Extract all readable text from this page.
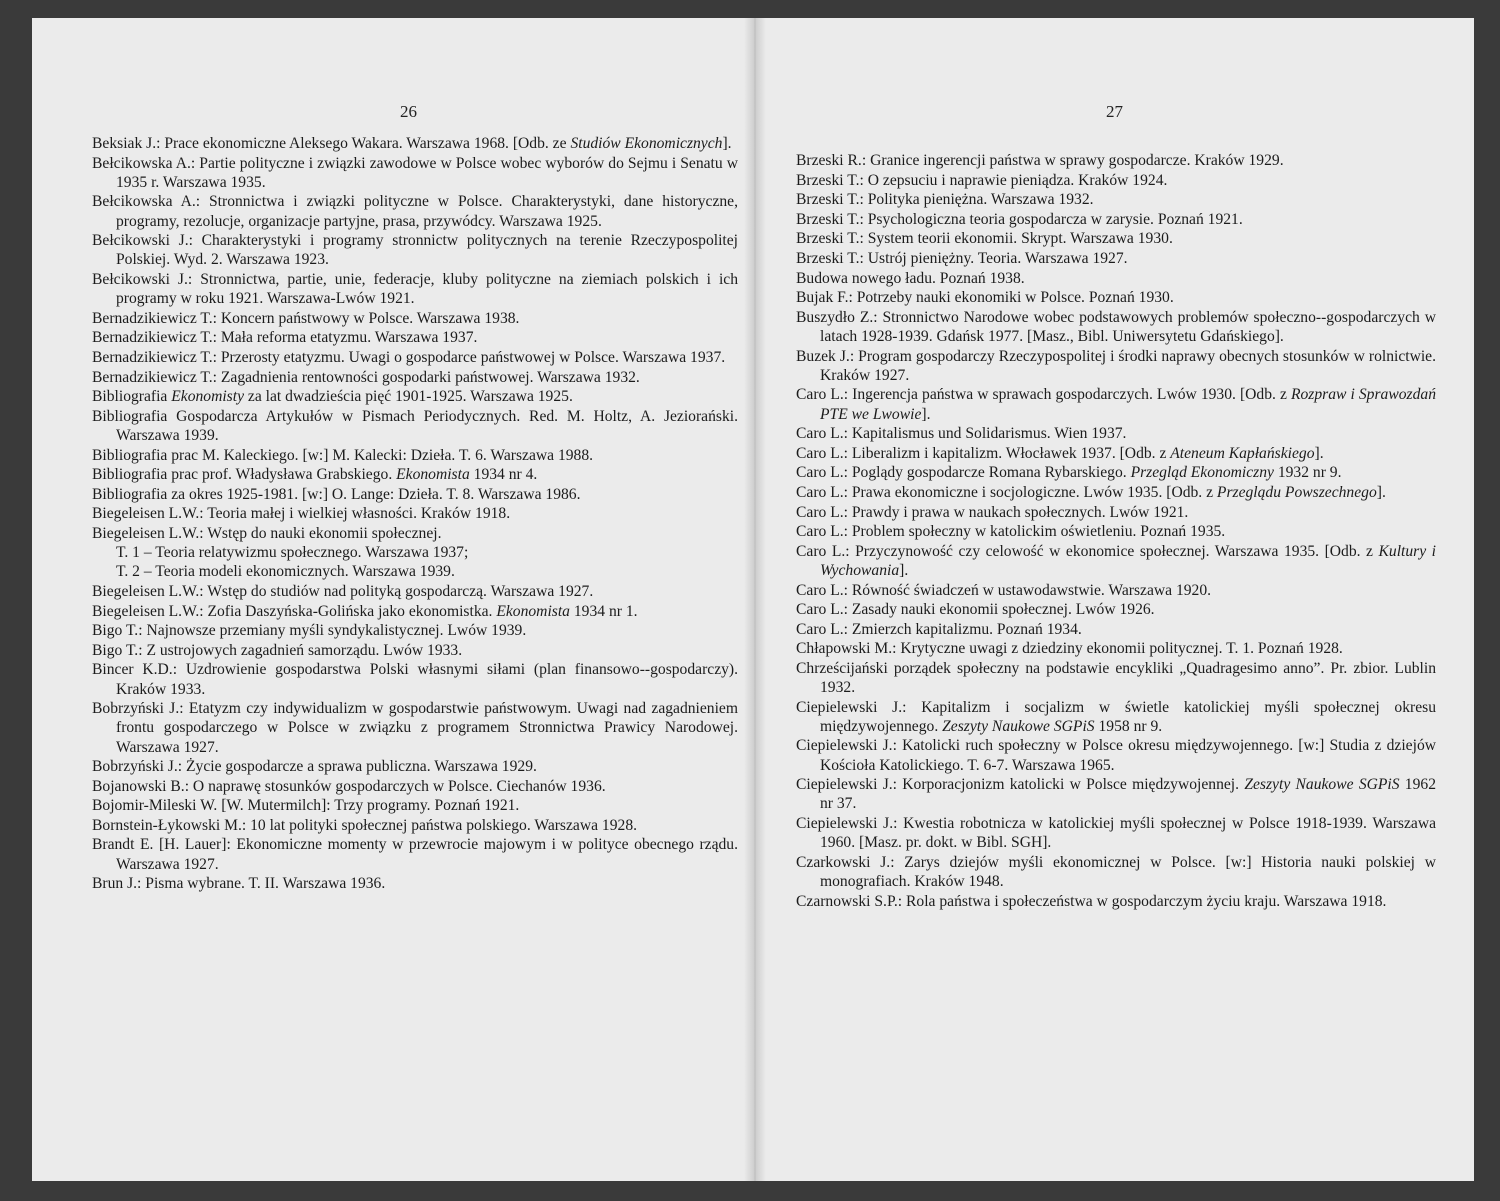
26
Beksiak J.: Prace ekonomiczne Aleksego Wakara. Warszawa 1968. [Odb. ze Studiów Ekonomicznych].
Bełcikowska A.: Partie polityczne i związki zawodowe w Polsce wobec wyborów do Sejmu i Senatu w 1935 r. Warszawa 1935.
Bełcikowska A.: Stronnictwa i związki polityczne w Polsce. Charakterystyki, dane historyczne, programy, rezolucje, organizacje partyjne, prasa, przywódcy. Warszawa 1925.
Bełcikowski J.: Charakterystyki i programy stronnictw politycznych na terenie Rzeczypospolitej Polskiej. Wyd. 2. Warszawa 1923.
Bełcikowski J.: Stronnictwa, partie, unie, federacje, kluby polityczne na ziemiach polskich i ich programy w roku 1921. Warszawa-Lwów 1921.
Bernadzikiewicz T.: Koncern państwowy w Polsce. Warszawa 1938.
Bernadzikiewicz T.: Mała reforma etatyzmu. Warszawa 1937.
Bernadzikiewicz T.: Przerosty etatyzmu. Uwagi o gospodarce państwowej w Polsce. Warszawa 1937.
Bernadzikiewicz T.: Zagadnienia rentowności gospodarki państwowej. Warszawa 1932.
Bibliografia Ekonomisty za lat dwadzieścia pięć 1901-1925. Warszawa 1925.
Bibliografia Gospodarcza Artykułów w Pismach Periodycznych. Red. M. Holtz, A. Jeziorański. Warszawa 1939.
Bibliografia prac M. Kaleckiego. [w:] M. Kalecki: Dzieła. T. 6. Warszawa 1988.
Bibliografia prac prof. Władysława Grabskiego. Ekonomista 1934 nr 4.
Bibliografia za okres 1925-1981. [w:] O. Lange: Dzieła. T. 8. Warszawa 1986.
Biegeleisen L.W.: Teoria małej i wielkiej własności. Kraków 1918.
Biegeleisen L.W.: Wstęp do nauki ekonomii społecznej.
T. 1 – Teoria relatywizmu społecznego. Warszawa 1937;
T. 2 – Teoria modeli ekonomicznych. Warszawa 1939.
Biegeleisen L.W.: Wstęp do studiów nad polityką gospodarczą. Warszawa 1927.
Biegeleisen L.W.: Zofia Daszyńska-Golińska jako ekonomistka. Ekonomista 1934 nr 1.
Bigo T.: Najnowsze przemiany myśli syndykalistycznej. Lwów 1939.
Bigo T.: Z ustrojowych zagadnień samorządu. Lwów 1933.
Bincer K.D.: Uzdrowienie gospodarstwa Polski własnymi siłami (plan finansowo--gospodarczy). Kraków 1933.
Bobrzyński J.: Etatyzm czy indywidualizm w gospodarstwie państwowym. Uwagi nad zagadnieniem frontu gospodarczego w Polsce w związku z programem Stronnictwa Prawicy Narodowej. Warszawa 1927.
Bobrzyński J.: Życie gospodarcze a sprawa publiczna. Warszawa 1929.
Bojanowski B.: O naprawę stosunków gospodarczych w Polsce. Ciechanów 1936.
Bojomir-Mileski W. [W. Mutermilch]: Trzy programy. Poznań 1921.
Bornstein-Łykowski M.: 10 lat polityki społecznej państwa polskiego. Warszawa 1928.
Brandt E. [H. Lauer]: Ekonomiczne momenty w przewrocie majowym i w polityce obecnego rządu. Warszawa 1927.
Brun J.: Pisma wybrane. T. II. Warszawa 1936.
27
Brzeski R.: Granice ingerencji państwa w sprawy gospodarcze. Kraków 1929.
Brzeski T.: O zepsuciu i naprawie pieniądza. Kraków 1924.
Brzeski T.: Polityka pieniężna. Warszawa 1932.
Brzeski T.: Psychologiczna teoria gospodarcza w zarysie. Poznań 1921.
Brzeski T.: System teorii ekonomii. Skrypt. Warszawa 1930.
Brzeski T.: Ustrój pieniężny. Teoria. Warszawa 1927.
Budowa nowego ładu. Poznań 1938.
Bujak F.: Potrzeby nauki ekonomiki w Polsce. Poznań 1930.
Buszydło Z.: Stronnictwo Narodowe wobec podstawowych problemów społeczno--gospodarczych w latach 1928-1939. Gdańsk 1977. [Masz., Bibl. Uniwersytetu Gdańskiego].
Buzek J.: Program gospodarczy Rzeczypospolitej i środki naprawy obecnych stosunków w rolnictwie. Kraków 1927.
Caro L.: Ingerencja państwa w sprawach gospodarczych. Lwów 1930. [Odb. z Rozpraw i Sprawozdań PTE we Lwowie].
Caro L.: Kapitalismus und Solidarismus. Wien 1937.
Caro L.: Liberalizm i kapitalizm. Włocławek 1937. [Odb. z Ateneum Kapłańskiego].
Caro L.: Poglądy gospodarcze Romana Rybarskiego. Przegląd Ekonomiczny 1932 nr 9.
Caro L.: Prawa ekonomiczne i socjologiczne. Lwów 1935. [Odb. z Przeglądu Powszechnego].
Caro L.: Prawdy i prawa w naukach społecznych. Lwów 1921.
Caro L.: Problem społeczny w katolickim oświetleniu. Poznań 1935.
Caro L.: Przyczynowość czy celowość w ekonomice społecznej. Warszawa 1935. [Odb. z Kultury i Wychowania].
Caro L.: Równość świadczeń w ustawodawstwie. Warszawa 1920.
Caro L.: Zasady nauki ekonomii społecznej. Lwów 1926.
Caro L.: Zmierzch kapitalizmu. Poznań 1934.
Chłapowski M.: Krytyczne uwagi z dziedziny ekonomii politycznej. T. 1. Poznań 1928.
Chrześcijański porządek społeczny na podstawie encykliki „Quadragesimo anno”. Pr. zbior. Lublin 1932.
Ciepielewski J.: Kapitalizm i socjalizm w świetle katolickiej myśli społecznej okresu międzywojennego. Zeszyty Naukowe SGPiS 1958 nr 9.
Ciepielewski J.: Katolicki ruch społeczny w Polsce okresu międzywojennego. [w:] Studia z dziejów Kościoła Katolickiego. T. 6-7. Warszawa 1965.
Ciepielewski J.: Korporacjonizm katolicki w Polsce międzywojennej. Zeszyty Naukowe SGPiS 1962 nr 37.
Ciepielewski J.: Kwestia robotnicza w katolickiej myśli społecznej w Polsce 1918-1939. Warszawa 1960. [Masz. pr. dokt. w Bibl. SGH].
Czarkowski J.: Zarys dziejów myśli ekonomicznej w Polsce. [w:] Historia nauki polskiej w monografiach. Kraków 1948.
Czarnowski S.P.: Rola państwa i społeczeństwa w gospodarczym życiu kraju. Warszawa 1918.
